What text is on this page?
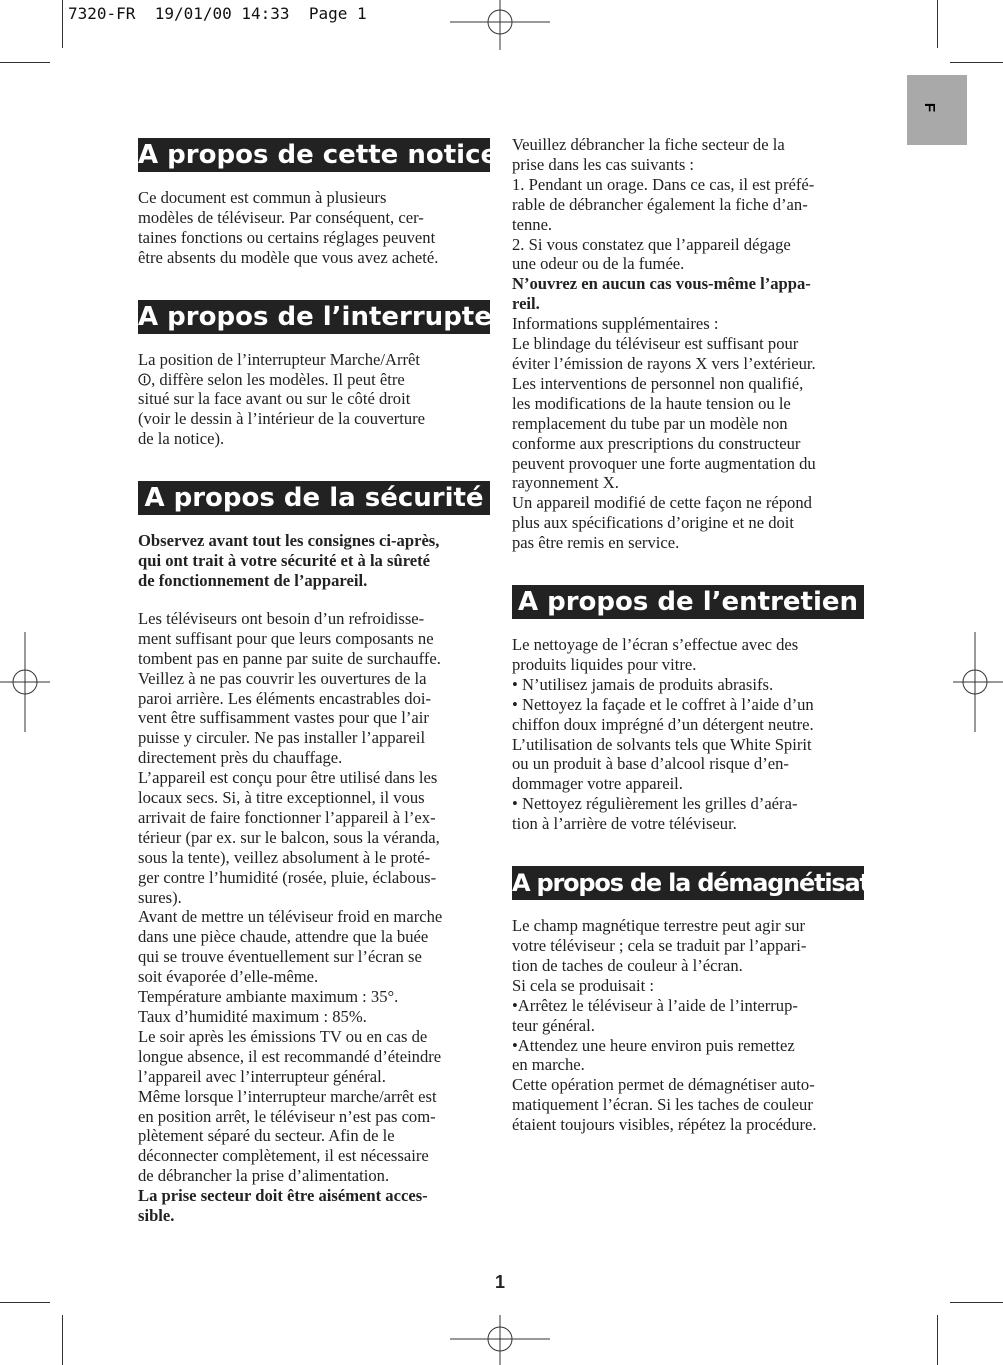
7320-FR  19/01/00 14:33  Page 1
F
A propos de cette notice

Ce document est commun à plusieurs
modèles de téléviseur. Par conséquent, cer-
taines fonctions ou certains réglages peuvent
être absents du modèle que vous avez acheté.

A propos de l’interrupteur

La position de l’interrupteur Marche/Arrêt
⏼, diffère selon les modèles. Il peut être
situé sur la face avant ou sur le côté droit
(voir le dessin à l’intérieur de la couverture
de la notice).

A propos de la sécurité

Observez avant tout les consignes ci-après,
qui ont trait à votre sécurité et à la sûreté
de fonctionnement de l’appareil.

Les téléviseurs ont besoin d’un refroidisse-
ment suffisant pour que leurs composants ne
tombent pas en panne par suite de surchauffe.
Veillez à ne pas couvrir les ouvertures de la
paroi arrière. Les éléments encastrables doi-
vent être suffisamment vastes pour que l’air
puisse y circuler. Ne pas installer l’appareil
directement près du chauffage.
L’appareil est conçu pour être utilisé dans les
locaux secs. Si, à titre exceptionnel, il vous
arrivait de faire fonctionner l’appareil à l’ex-
térieur (par ex. sur le balcon, sous la véranda,
sous la tente), veillez absolument à le proté-
ger contre l’humidité (rosée, pluie, éclabous-
sures).
Avant de mettre un téléviseur froid en marche
dans une pièce chaude, attendre que la buée
qui se trouve éventuellement sur l’écran se
soit évaporée d’elle-même.
Température ambiante maximum : 35°.
Taux d’humidité maximum : 85%.
Le soir après les émissions TV ou en cas de
longue absence, il est recommandé d’éteindre
l’appareil avec l’interrupteur général.
Même lorsque l’interrupteur marche/arrêt est
en position arrêt, le téléviseur n’est pas com-
plètement séparé du secteur. Afin de le
déconnecter complètement, il est nécessaire
de débrancher la prise d’alimentation.

La prise secteur doit être aisément acces-
sible.

Veuillez débrancher la fiche secteur de la
prise dans les cas suivants :
1. Pendant un orage. Dans ce cas, il est préfé-
rable de débrancher également la fiche d’an-
tenne.
2. Si vous constatez que l’appareil dégage
une odeur ou de la fumée.

N’ouvrez en aucun cas vous-même l’appa-
reil.

Informations supplémentaires :
Le blindage du téléviseur est suffisant pour
éviter l’émission de rayons X vers l’extérieur.
Les interventions de personnel non qualifié,
les modifications de la haute tension ou le
remplacement du tube par un modèle non
conforme aux prescriptions du constructeur
peuvent provoquer une forte augmentation du
rayonnement X.
Un appareil modifié de cette façon ne répond
plus aux spécifications d’origine et ne doit
pas être remis en service.

A propos de l’entretien

Le nettoyage de l’écran s’effectue avec des
produits liquides pour vitre.
• N’utilisez jamais de produits abrasifs.
• Nettoyez la façade et le coffret à l’aide d’un
chiffon doux imprégné d’un détergent neutre.
L’utilisation de solvants tels que White Spirit
ou un produit à base d’alcool risque d’en-
dommager votre appareil.
• Nettoyez régulièrement les grilles d’aéra-
tion à l’arrière de votre téléviseur.

A propos de la démagnétisation

Le champ magnétique terrestre peut agir sur
votre téléviseur ; cela se traduit par l’appari-
tion de taches de couleur à l’écran.
Si cela se produisait :
•Arrêtez le téléviseur à l’aide de l’interrup-
teur général.
•Attendez une heure environ puis remettez
en marche.
Cette opération permet de démagnétiser auto-
matiquement l’écran. Si les taches de couleur
étaient toujours visibles, répétez la procédure.

1
